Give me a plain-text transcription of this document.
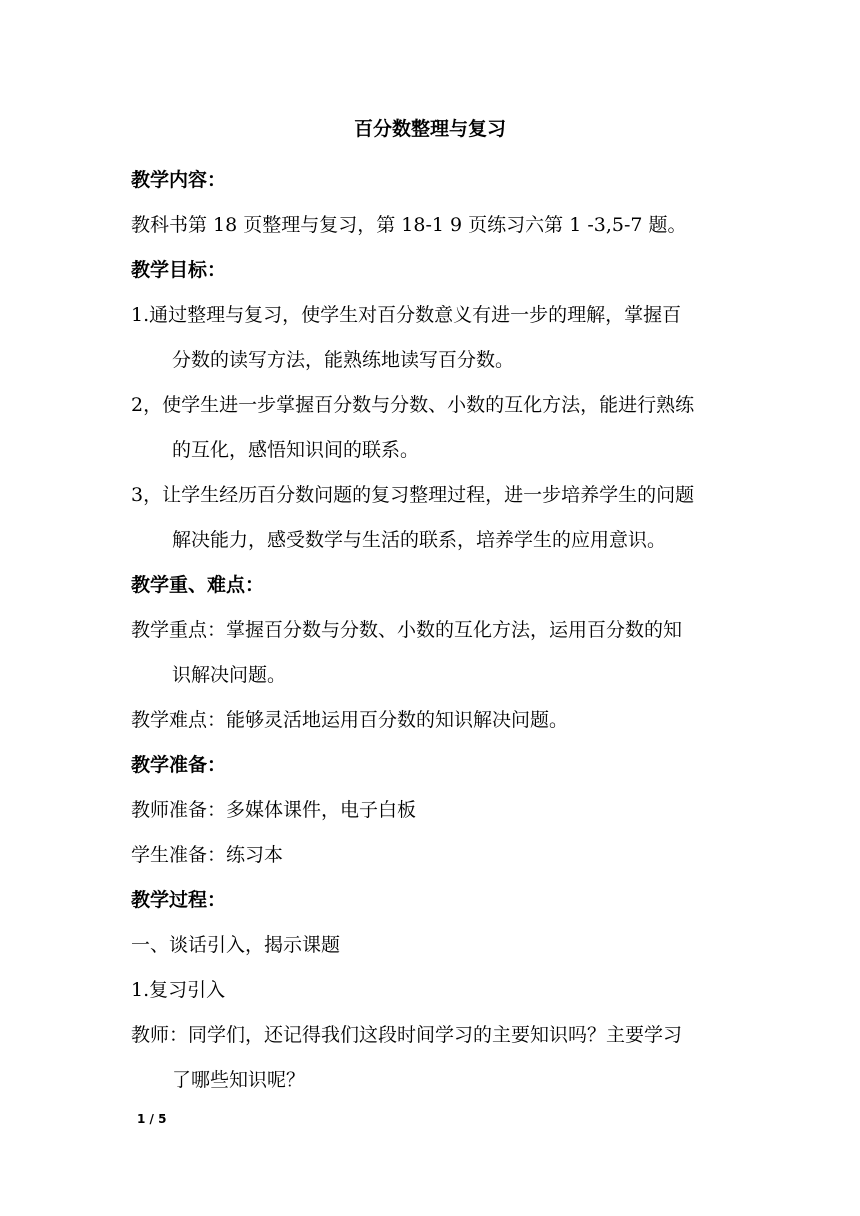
百分数整理与复习
教学内容：
教科书第 18 页整理与复习，第 18-1 9 页练习六第 1 -3,5-7 题。
教学目标：
1.通过整理与复习，使学生对百分数意义有进一步的理解，掌握百
分数的读写方法，能熟练地读写百分数。
2，使学生进一步掌握百分数与分数、小数的互化方法，能进行熟练
的互化，感悟知识间的联系。
3，让学生经历百分数问题的复习整理过程，进一步培养学生的问题
解决能力，感受数学与生活的联系，培养学生的应用意识。
教学重、难点：
教学重点：掌握百分数与分数、小数的互化方法，运用百分数的知
识解决问题。
教学难点：能够灵活地运用百分数的知识解决问题。
教学准备：
教师准备：多媒体课件，电子白板
学生准备：练习本
教学过程：
一、谈话引入，揭示课题
1.复习引入
教师：同学们，还记得我们这段时间学习的主要知识吗？主要学习
了哪些知识呢？
1 / 5
